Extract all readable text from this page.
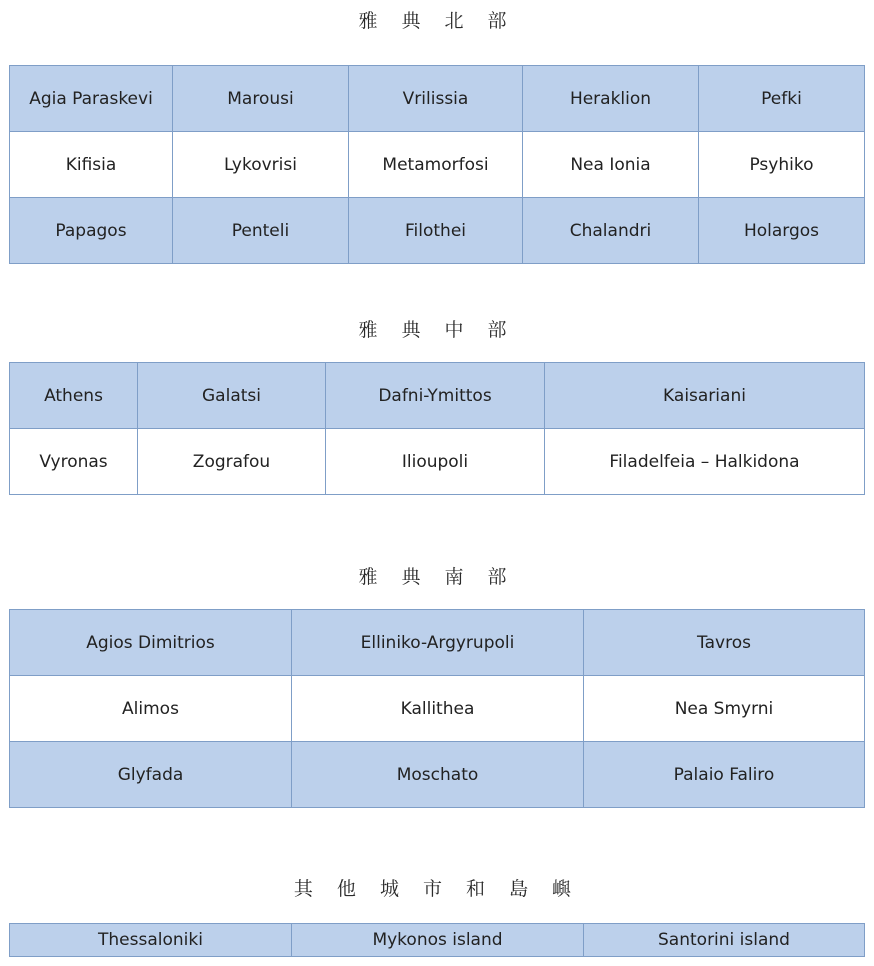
雅 典 北 部
Agia Paraskevi	Marousi	Vrilissia	Heraklion	Pefki
Kifisia	Lykovrisi	Metamorfosi	Nea Ionia	Psyhiko
Papagos	Penteli	Filothei	Chalandri	Holargos
雅 典 中 部
Athens	Galatsi	Dafni-Ymittos	Kaisariani
Vyronas	Zografou	Ilioupoli	Filadelfeia – Halkidona
雅 典 南 部
Agios Dimitrios	Elliniko-Argyrupoli	Tavros
Alimos	Kallithea	Nea Smyrni
Glyfada	Moschato	Palaio Faliro
其 他 城 市 和 島 嶼
Thessaloniki	Mykonos island	Santorini island
